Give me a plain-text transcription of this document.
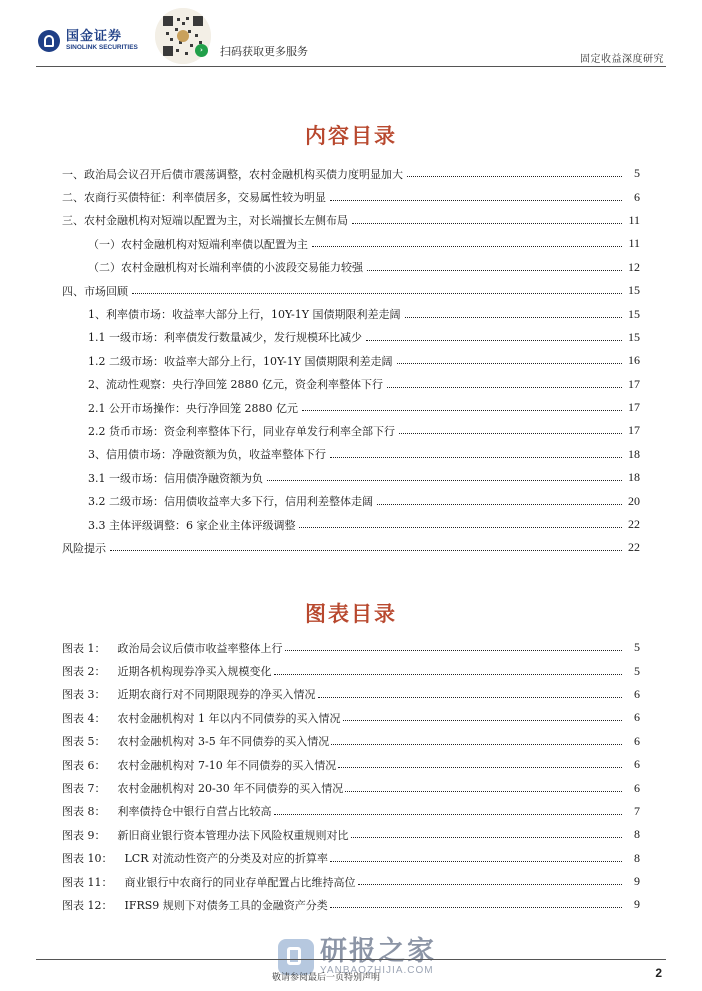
国金证券
SINOLINK SECURITIES	›	扫码获取更多服务
固定收益深度研究
内容目录
一、政治局会议召开后债市震荡调整，农村金融机构买债力度明显加大	5
二、农商行买债特征：利率债居多，交易属性较为明显	6
三、农村金融机构对短端以配置为主，对长端擅长左侧布局	11
（一）农村金融机构对短端利率债以配置为主	11
（二）农村金融机构对长端利率债的小波段交易能力较强	12
四、市场回顾	15
1、利率债市场：收益率大部分上行，10Y-1Y 国债期限利差走阔	15
1.1 一级市场：利率债发行数量减少，发行规模环比减少	15
1.2 二级市场：收益率大部分上行，10Y-1Y 国债期限利差走阔	16
2、流动性观察：央行净回笼 2880 亿元，资金利率整体下行	17
2.1 公开市场操作：央行净回笼 2880 亿元	17
2.2 货币市场：资金利率整体下行，同业存单发行利率全部下行	17
3、信用债市场：净融资额为负，收益率整体下行	18
3.1 一级市场：信用债净融资额为负	18
3.2 二级市场：信用债收益率大多下行，信用利差整体走阔	20
3.3 主体评级调整：6 家企业主体评级调整	22
风险提示	22
图表目录
图表 1： 政治局会议后债市收益率整体上行	5
图表 2： 近期各机构现券净买入规模变化	5
图表 3： 近期农商行对不同期限现券的净买入情况	6
图表 4： 农村金融机构对 1 年以内不同债券的买入情况	6
图表 5： 农村金融机构对 3-5 年不同债券的买入情况	6
图表 6： 农村金融机构对 7-10 年不同债券的买入情况	6
图表 7： 农村金融机构对 20-30 年不同债券的买入情况	6
图表 8： 利率债持仓中银行自营占比较高	7
图表 9： 新旧商业银行资本管理办法下风险权重规则对比	8
图表 10： LCR 对流动性资产的分类及对应的折算率	8
图表 11： 商业银行中农商行的同业存单配置占比维持高位	9
图表 12： IFRS9 规则下对债务工具的金融资产分类	9
研报之家
YANBAOZHIJIA.COM
敬请参阅最后一页特别声明	2
